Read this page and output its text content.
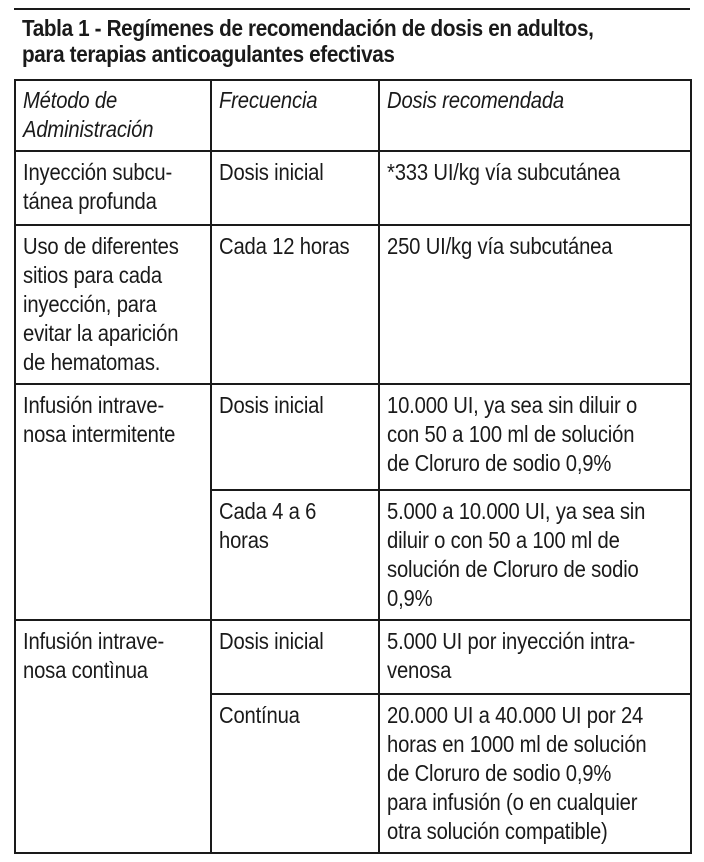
Tabla 1 - Regímenes de recomendación de dosis en adultos,
para terapias anticoagulantes efectivas
Método de
Administración	Frecuencia	Dosis recomendada

Inyección subcu-
tánea profunda	Dosis inicial	*333 UI/kg vía subcutánea

Uso de diferentes
sitios para cada
inyección, para
evitar la aparición
de hematomas.	Cada 12 horas	250 UI/kg vía subcutánea

Infusión intrave-
nosa intermitente	Dosis inicial	10.000 UI, ya sea sin diluir o
con 50 a 100 ml de solución
de Cloruro de sodio 0,9%

	Cada 4 a 6
horas	5.000 a 10.000 UI, ya sea sin
diluir o con 50 a 100 ml de
solución de Cloruro de sodio
0,9%

Infusión intrave-
nosa contìnua	Dosis inicial	5.000 UI por inyección intra-
venosa

	Contínua	20.000 UI a 40.000 UI por 24
horas en 1000 ml de solución
de Cloruro de sodio 0,9%
para infusión (o en cualquier
otra solución compatible)
